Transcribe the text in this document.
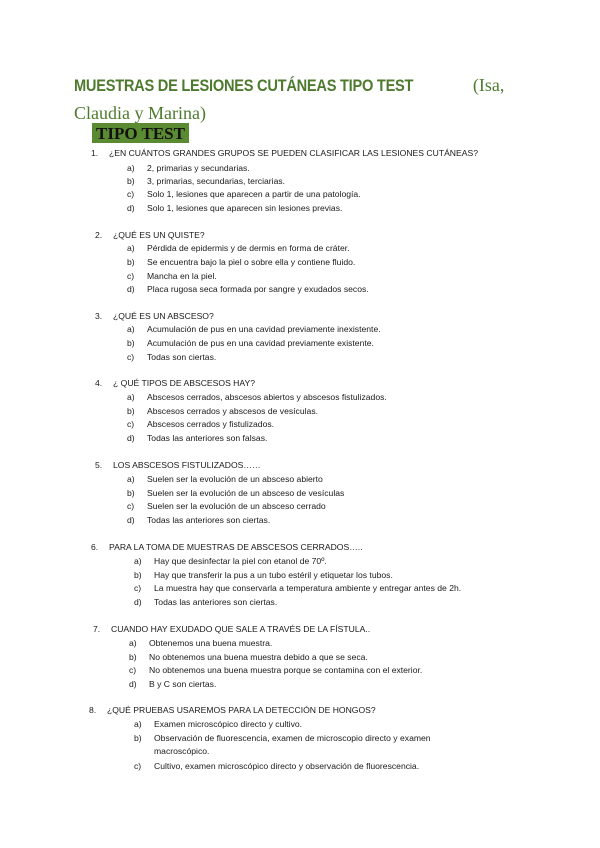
MUESTRAS DE LESIONES CUTÁNEAS TIPO TEST	(Isa, Claudia y Marina)
TIPO TEST
1. ¿EN CUÁNTOS GRANDES GRUPOS SE PUEDEN CLASIFICAR LAS LESIONES CUTÁNEAS?
a) 2, primarias y secundarias.
b) 3, primarias, secundarias, terciarias.
c) Solo 1, lesiones que aparecen a partir de una patología.
d) Solo 1, lesiones que aparecen sin lesiones previas.
2. ¿QUÉ ES UN QUISTE?
a) Pérdida de epidermis y de dermis en forma de cráter.
b) Se encuentra bajo la piel o sobre ella y contiene fluido.
c) Mancha en la piel.
d) Placa rugosa seca formada por sangre y exudados secos.
3. ¿QUÉ ES UN ABSCESO?
a) Acumulación de pus en una cavidad previamente inexistente.
b) Acumulación de pus en una cavidad previamente existente.
c) Todas son ciertas.
4. ¿ QUÉ TIPOS DE ABSCESOS HAY?
a) Abscesos cerrados, abscesos abiertos y abscesos fistulizados.
b) Abscesos cerrados y abscesos de vesículas.
c) Abscesos cerrados y fistulizados.
d) Todas las anteriores son falsas.
5. LOS ABSCESOS FISTULIZADOS……
a) Suelen ser la evolución de un absceso abierto
b) Suelen ser la evolución de un absceso de vesículas
c) Suelen ser la evolución de un absceso cerrado
d) Todas las anteriores son ciertas.
6. PARA LA TOMA DE MUESTRAS DE ABSCESOS CERRADOS…..
a) Hay que desinfectar la piel con etanol de 70º.
b) Hay que transferir la pus a un tubo estéril y etiquetar los tubos.
c) La muestra hay que conservarla a temperatura ambiente y entregar antes de 2h.
d) Todas las anteriores son ciertas.
7. CUANDO HAY EXUDADO QUE SALE A TRAVÉS DE LA FÍSTULA..
a) Obtenemos una buena muestra.
b) No obtenemos una buena muestra debido a que se seca.
c) No obtenemos una buena muestra porque se contamina con el exterior.
d) B y C son ciertas.
8. ¿QUÉ PRUEBAS USAREMOS PARA LA DETECCIÓN DE HONGOS?
a) Examen microscópico directo y cultivo.
b) Observación de fluorescencia, examen de microscopio directo y examen
macroscópico.
c) Cultivo, examen microscópico directo y observación de fluorescencia.
